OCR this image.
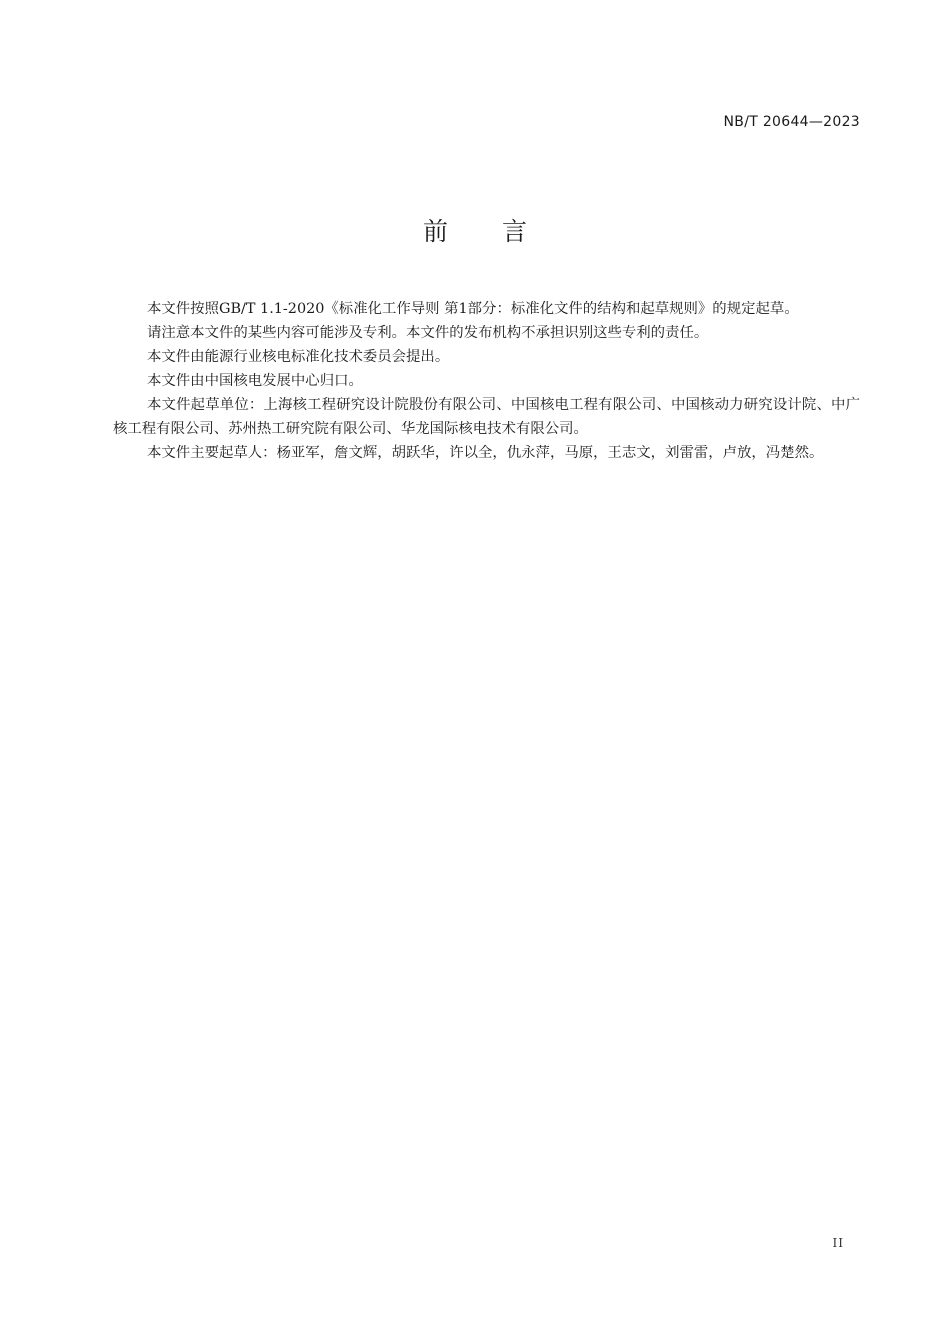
NB/T 20644—2023
前 言

本文件按照GB/T 1.1-2020《标准化工作导则 第1部分：标准化文件的结构和起草规则》的规定起草。

请注意本文件的某些内容可能涉及专利。本文件的发布机构不承担识别这些专利的责任。

本文件由能源行业核电标准化技术委员会提出。

本文件由中国核电发展中心归口。

本文件起草单位：上海核工程研究设计院股份有限公司、中国核电工程有限公司、中国核动力研究设计院、中广核工程有限公司、苏州热工研究院有限公司、华龙国际核电技术有限公司。

本文件主要起草人：杨亚军，詹文辉，胡跃华，许以全，仇永萍，马原，王志文，刘雷雷，卢放，冯楚然。

II
